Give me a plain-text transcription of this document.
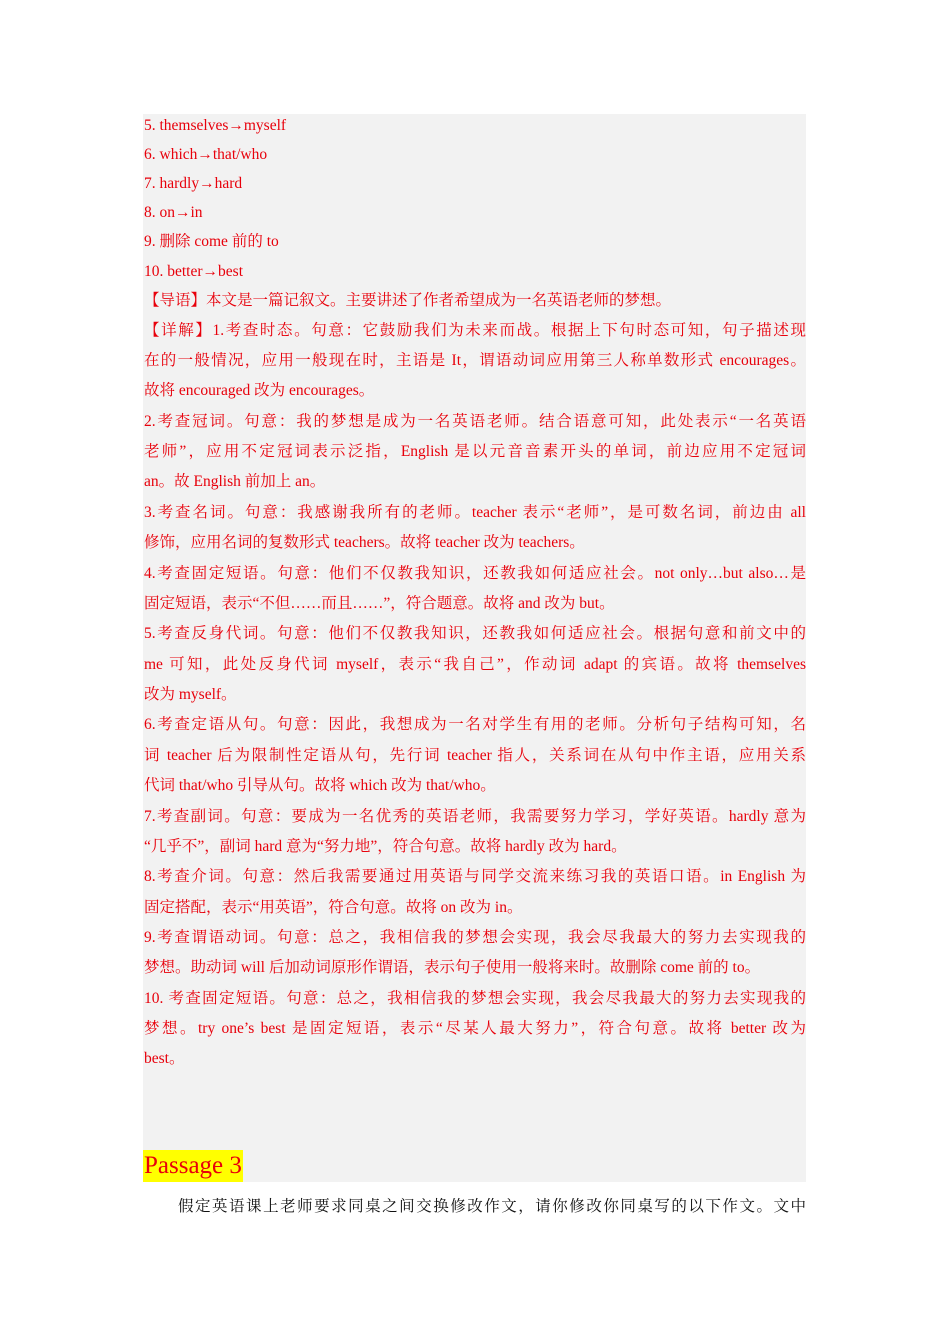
5. themselves→myself
6. which→that/who
7. hardly→hard
8. on→in
9. 删除 come 前的 to
10. better→best
【导语】本文是一篇记叙文。主要讲述了作者希望成为一名英语老师的梦想。
【详解】1.考查时态。句意：它鼓励我们为未来而战。根据上下句时态可知，句子描述现
在的一般情况，应用一般现在时，主语是 It，谓语动词应用第三人称单数形式 encourages。
故将 encouraged 改为 encourages。
2.考查冠词。句意：我的梦想是成为一名英语老师。结合语意可知，此处表示“一名英语
老师”，应用不定冠词表示泛指，English 是以元音音素开头的单词，前边应用不定冠词
an。故 English 前加上 an。
3.考查名词。句意：我感谢我所有的老师。teacher 表示“老师”，是可数名词，前边由 all
修饰，应用名词的复数形式 teachers。故将 teacher 改为 teachers。
4.考查固定短语。句意：他们不仅教我知识，还教我如何适应社会。not only…but also…是
固定短语，表示“不但……而且……”，符合题意。故将 and 改为 but。
5.考查反身代词。句意：他们不仅教我知识，还教我如何适应社会。根据句意和前文中的
me 可知，此处反身代词 myself，表示“我自己”，作动词 adapt 的宾语。故将 themselves
改为 myself。
6.考查定语从句。句意：因此，我想成为一名对学生有用的老师。分析句子结构可知，名
词 teacher 后为限制性定语从句，先行词 teacher 指人，关系词在从句中作主语，应用关系
代词 that/who 引导从句。故将 which 改为 that/who。
7.考查副词。句意：要成为一名优秀的英语老师，我需要努力学习，学好英语。hardly 意为
“几乎不”，副词 hard 意为“努力地”，符合句意。故将 hardly 改为 hard。
8.考查介词。句意：然后我需要通过用英语与同学交流来练习我的英语口语。in English 为
固定搭配，表示“用英语”，符合句意。故将 on 改为 in。
9.考查谓语动词。句意：总之，我相信我的梦想会实现，我会尽我最大的努力去实现我的
梦想。助动词 will 后加动词原形作谓语，表示句子使用一般将来时。故删除 come 前的 to。
10. 考查固定短语。句意：总之，我相信我的梦想会实现，我会尽我最大的努力去实现我的
梦想。try one’s best 是固定短语，表示“尽某人最大努力”，符合句意。故将 better 改为
best。
Passage 3
假定英语课上老师要求同桌之间交换修改作文，请你修改你同桌写的以下作文。文中
